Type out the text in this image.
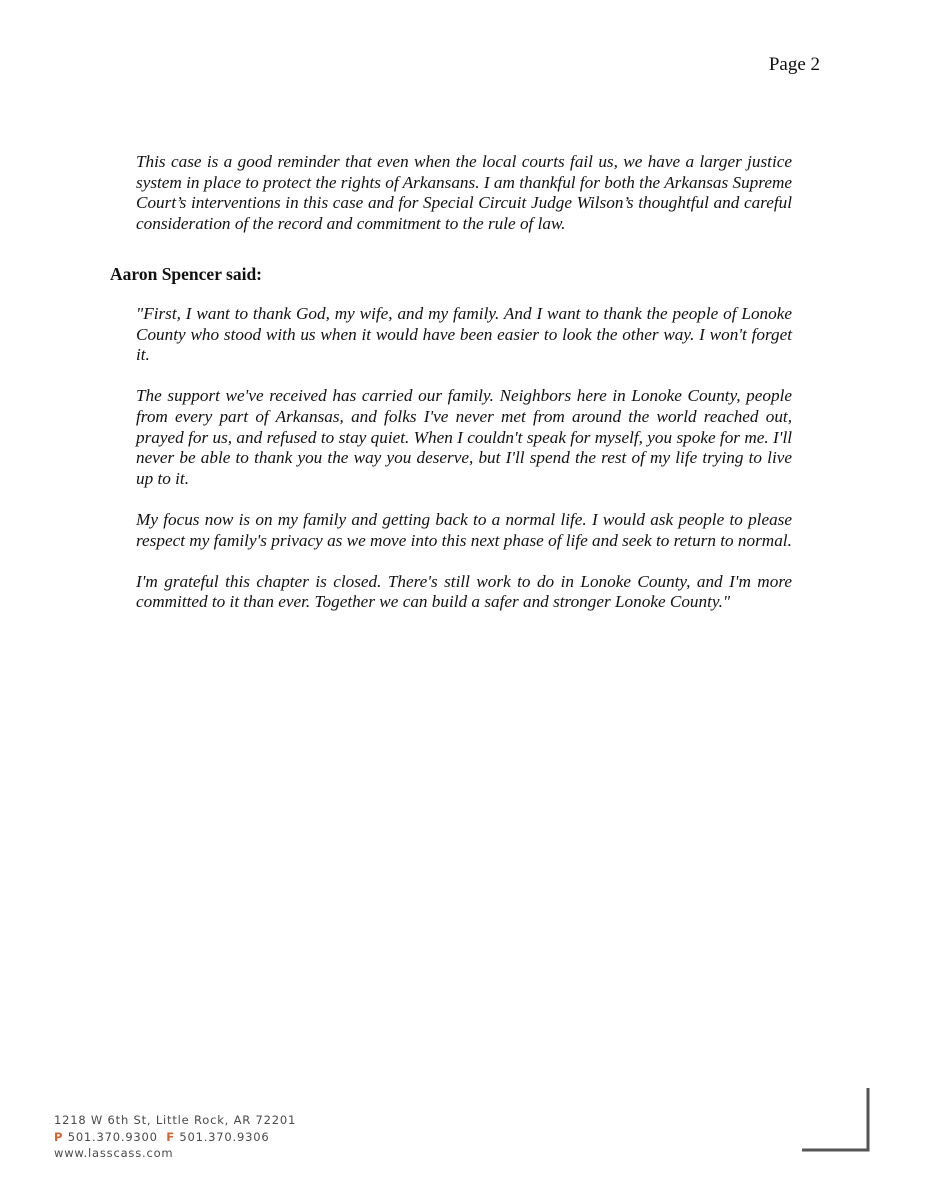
Page 2

This case is a good reminder that even when the local courts fail us, we have a larger justice system in place to protect the rights of Arkansans. I am thankful for both the Arkansas Supreme Court’s interventions in this case and for Special Circuit Judge Wilson’s thoughtful and careful consideration of the record and commitment to the rule of law.

Aaron Spencer said:

"First, I want to thank God, my wife, and my family. And I want to thank the people of Lonoke County who stood with us when it would have been easier to look the other way. I won't forget it.

The support we've received has carried our family. Neighbors here in Lonoke County, people from every part of Arkansas, and folks I've never met from around the world reached out, prayed for us, and refused to stay quiet. When I couldn't speak for myself, you spoke for me. I'll never be able to thank you the way you deserve, but I'll spend the rest of my life trying to live up to it.

My focus now is on my family and getting back to a normal life. I would ask people to please respect my family's privacy as we move into this next phase of life and seek to return to normal.

I'm grateful this chapter is closed. There's still work to do in Lonoke County, and I'm more committed to it than ever. Together we can build a safer and stronger Lonoke County."

1218 W 6th St, Little Rock, AR 72201
P 501.370.9300 F 501.370.9306
www.lasscass.com
